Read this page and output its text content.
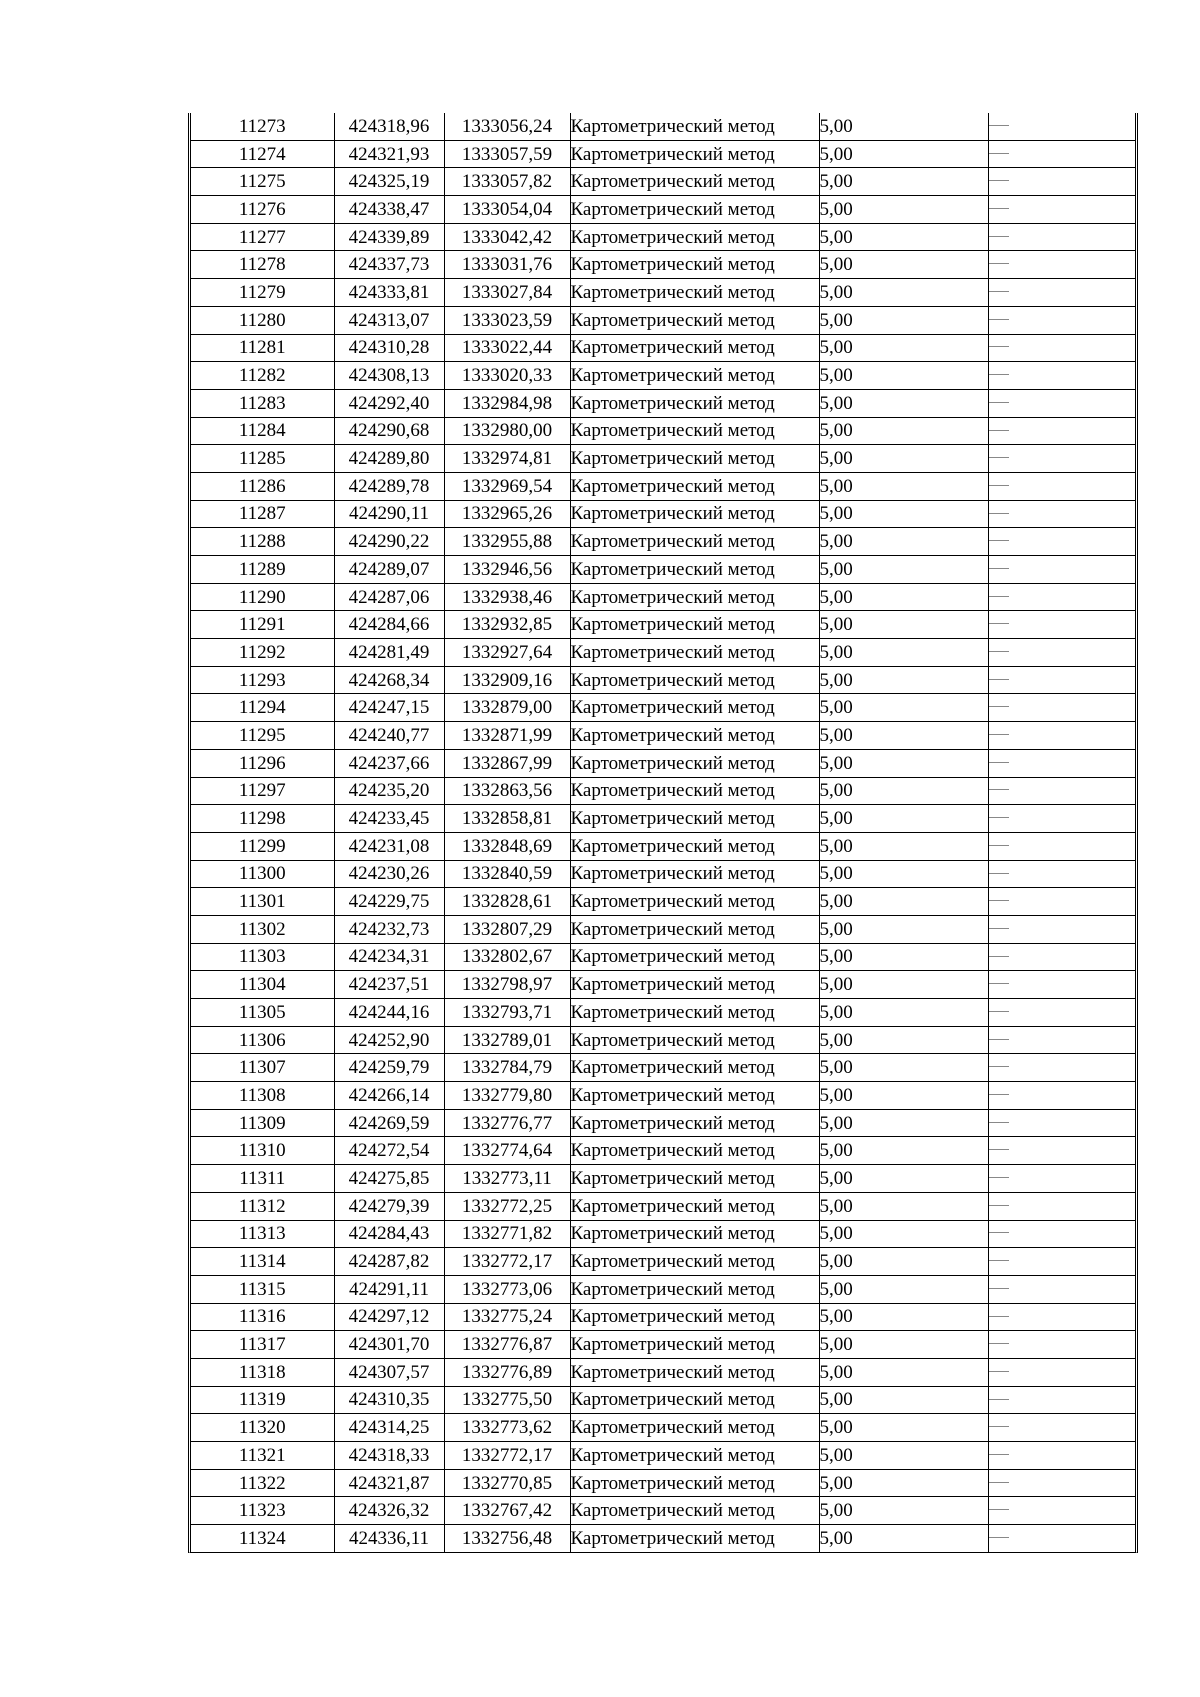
11273	424318,96	1333056,24	Картометрический метод	5,00	
11274	424321,93	1333057,59	Картометрический метод	5,00	
11275	424325,19	1333057,82	Картометрический метод	5,00	
11276	424338,47	1333054,04	Картометрический метод	5,00	
11277	424339,89	1333042,42	Картометрический метод	5,00	
11278	424337,73	1333031,76	Картометрический метод	5,00	
11279	424333,81	1333027,84	Картометрический метод	5,00	
11280	424313,07	1333023,59	Картометрический метод	5,00	
11281	424310,28	1333022,44	Картометрический метод	5,00	
11282	424308,13	1333020,33	Картометрический метод	5,00	
11283	424292,40	1332984,98	Картометрический метод	5,00	
11284	424290,68	1332980,00	Картометрический метод	5,00	
11285	424289,80	1332974,81	Картометрический метод	5,00	
11286	424289,78	1332969,54	Картометрический метод	5,00	
11287	424290,11	1332965,26	Картометрический метод	5,00	
11288	424290,22	1332955,88	Картометрический метод	5,00	
11289	424289,07	1332946,56	Картометрический метод	5,00	
11290	424287,06	1332938,46	Картометрический метод	5,00	
11291	424284,66	1332932,85	Картометрический метод	5,00	
11292	424281,49	1332927,64	Картометрический метод	5,00	
11293	424268,34	1332909,16	Картометрический метод	5,00	
11294	424247,15	1332879,00	Картометрический метод	5,00	
11295	424240,77	1332871,99	Картометрический метод	5,00	
11296	424237,66	1332867,99	Картометрический метод	5,00	
11297	424235,20	1332863,56	Картометрический метод	5,00	
11298	424233,45	1332858,81	Картометрический метод	5,00	
11299	424231,08	1332848,69	Картометрический метод	5,00	
11300	424230,26	1332840,59	Картометрический метод	5,00	
11301	424229,75	1332828,61	Картометрический метод	5,00	
11302	424232,73	1332807,29	Картометрический метод	5,00	
11303	424234,31	1332802,67	Картометрический метод	5,00	
11304	424237,51	1332798,97	Картометрический метод	5,00	
11305	424244,16	1332793,71	Картометрический метод	5,00	
11306	424252,90	1332789,01	Картометрический метод	5,00	
11307	424259,79	1332784,79	Картометрический метод	5,00	
11308	424266,14	1332779,80	Картометрический метод	5,00	
11309	424269,59	1332776,77	Картометрический метод	5,00	
11310	424272,54	1332774,64	Картометрический метод	5,00	
11311	424275,85	1332773,11	Картометрический метод	5,00	
11312	424279,39	1332772,25	Картометрический метод	5,00	
11313	424284,43	1332771,82	Картометрический метод	5,00	
11314	424287,82	1332772,17	Картометрический метод	5,00	
11315	424291,11	1332773,06	Картометрический метод	5,00	
11316	424297,12	1332775,24	Картометрический метод	5,00	
11317	424301,70	1332776,87	Картометрический метод	5,00	
11318	424307,57	1332776,89	Картометрический метод	5,00	
11319	424310,35	1332775,50	Картометрический метод	5,00	
11320	424314,25	1332773,62	Картометрический метод	5,00	
11321	424318,33	1332772,17	Картометрический метод	5,00	
11322	424321,87	1332770,85	Картометрический метод	5,00	
11323	424326,32	1332767,42	Картометрический метод	5,00	
11324	424336,11	1332756,48	Картометрический метод	5,00	
